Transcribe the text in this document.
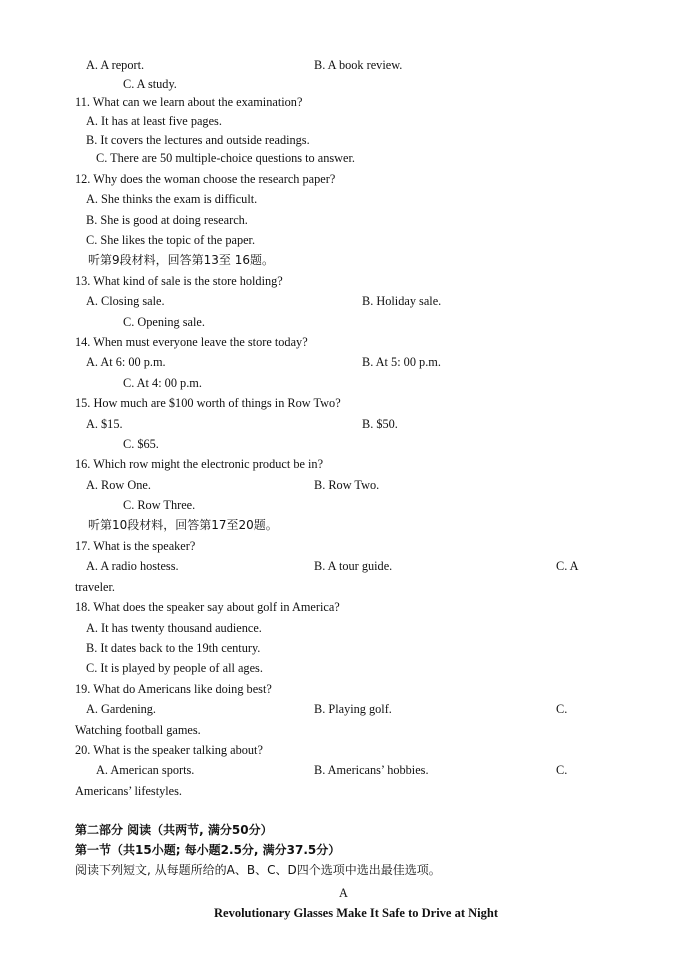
A. A report.	B. A book review.
C. A study.
11. What can we learn about the examination?
A. It has at least five pages.
B. It covers the lectures and outside readings.
C. There are 50 multiple-choice questions to answer.
12. Why does the woman choose the research paper?
A. She thinks the exam is difficult.
B. She is good at doing research.
C. She likes the topic of the paper.
听第9段材料，回答第13至 16题。
13. What kind of sale is the store holding?
A. Closing sale.	B. Holiday sale.
C. Opening sale.
14. When must everyone leave the store today?
A. At 6: 00 p.m.	B. At 5: 00 p.m.
C. At 4: 00 p.m.
15. How much are $100 worth of things in Row Two?
A. $15.	B. $50.
C. $65.
16. Which row might the electronic product be in?
A. Row One.	B. Row Two.
C. Row Three.
听第10段材料，回答第17至20题。
17. What is the speaker?
A. A radio hostess.	B. A tour guide.	C. A
traveler.
18. What does the speaker say about golf in America?
A. It has twenty thousand audience.
B. It dates back to the 19th century.
C. It is played by people of all ages.
19. What do Americans like doing best?
A. Gardening.	B. Playing golf.	C.
Watching football games.
20. What is the speaker talking about?
A. American sports.	B. Americans’ hobbies.	C.
Americans’ lifestyles.
第二部分 阅读（共两节, 满分50分）
第一节（共15小题; 每小题2.5分, 满分37.5分）
阅读下列短文, 从每题所给的A、B、C、D四个选项中选出最佳选项。
A
Revolutionary Glasses Make It Safe to Drive at Night
